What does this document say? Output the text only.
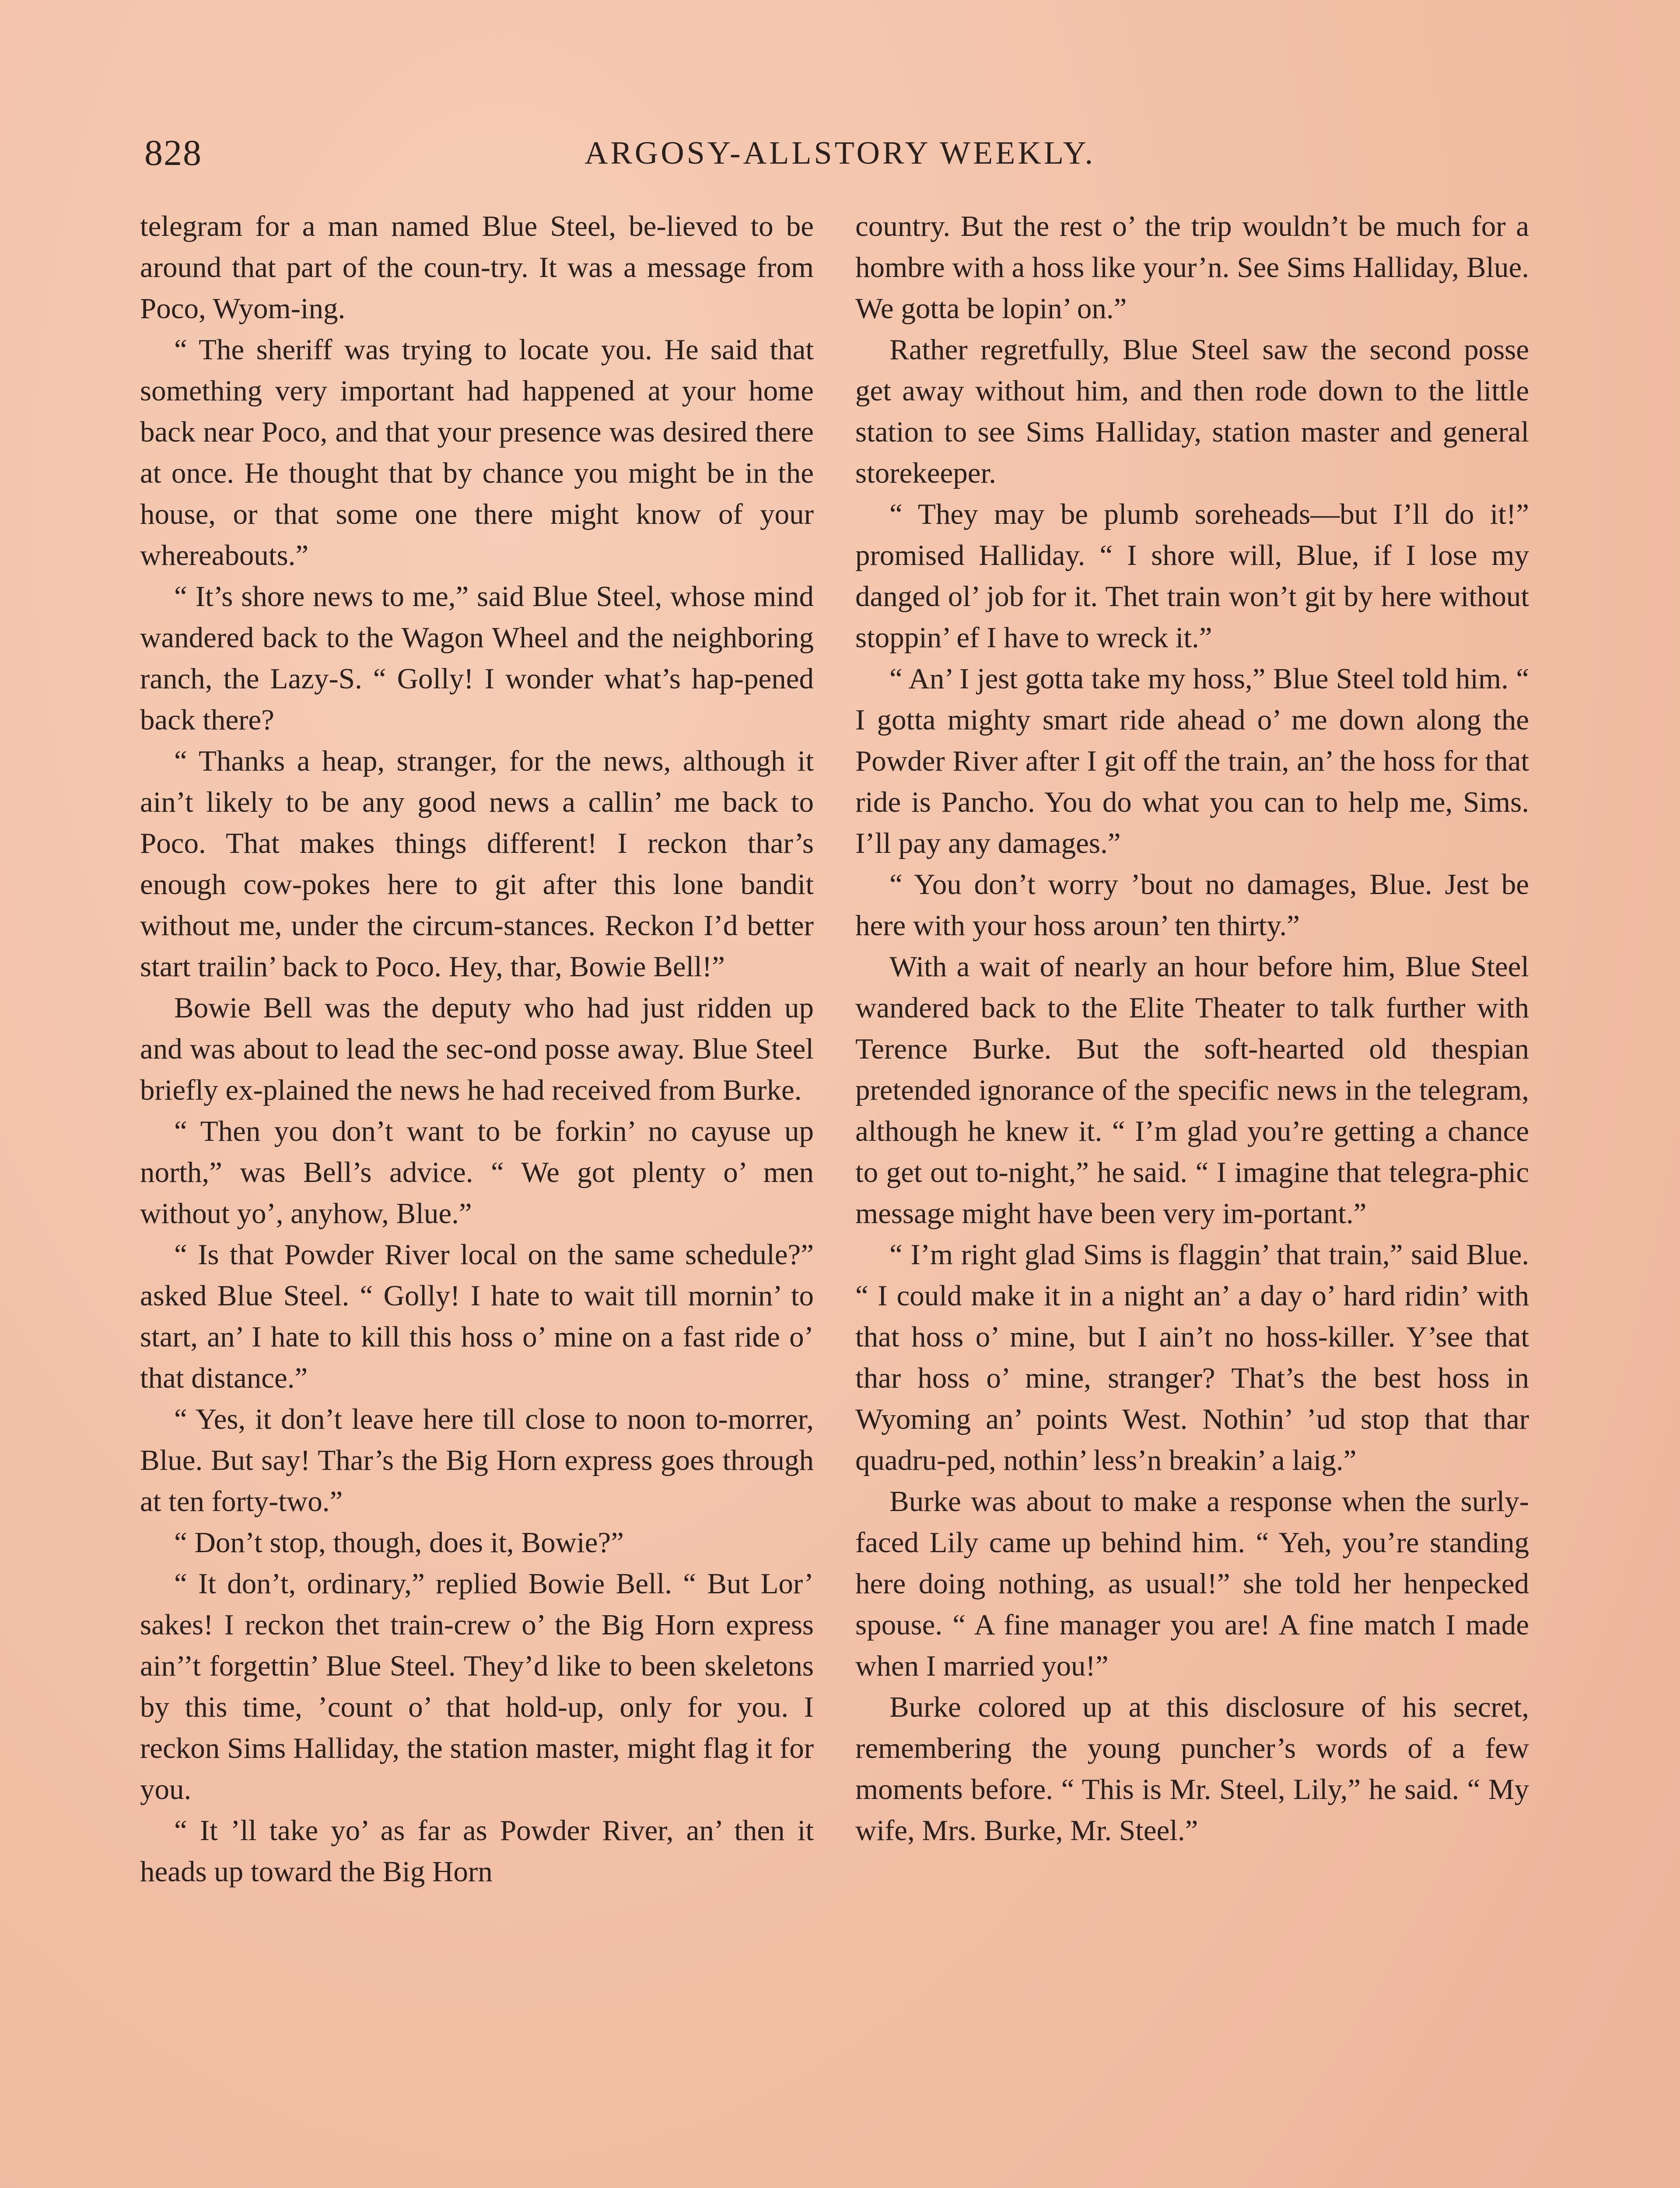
828	ARGOSY-ALLSTORY WEEKLY.

telegram for a man named Blue Steel, be-lieved to be around that part of the coun-try. It was a message from Poco, Wyom-ing.

“ The sheriff was trying to locate you. He said that something very important had happened at your home back near Poco, and that your presence was desired there at once. He thought that by chance you might be in the house, or that some one there might know of your whereabouts.”

“ It’s shore news to me,” said Blue Steel, whose mind wandered back to the Wagon Wheel and the neighboring ranch, the Lazy-S. “ Golly! I wonder what’s hap-pened back there?

“ Thanks a heap, stranger, for the news, although it ain’t likely to be any good news a callin’ me back to Poco. That makes things different! I reckon thar’s enough cow-pokes here to git after this lone bandit without me, under the circum-stances. Reckon I’d better start trailin’ back to Poco. Hey, thar, Bowie Bell!”

Bowie Bell was the deputy who had just ridden up and was about to lead the sec-ond posse away. Blue Steel briefly ex-plained the news he had received from Burke.

“ Then you don’t want to be forkin’ no cayuse up north,” was Bell’s advice. “ We got plenty o’ men without yo’, anyhow, Blue.”

“ Is that Powder River local on the same schedule?” asked Blue Steel. “ Golly! I hate to wait till mornin’ to start, an’ I hate to kill this hoss o’ mine on a fast ride o’ that distance.”

“ Yes, it don’t leave here till close to noon to-morrer, Blue. But say! Thar’s the Big Horn express goes through at ten forty-two.”

“ Don’t stop, though, does it, Bowie?”

“ It don’t, ordinary,” replied Bowie Bell. “ But Lor’ sakes! I reckon thet train-crew o’ the Big Horn express ain’’t forgettin’ Blue Steel. They’d like to been skeletons by this time, ’count o’ that hold-up, only for you. I reckon Sims Halliday, the station master, might flag it for you.

“ It ’ll take yo’ as far as Powder River, an’ then it heads up toward the Big Horn

country. But the rest o’ the trip wouldn’t be much for a hombre with a hoss like your’n. See Sims Halliday, Blue. We gotta be lopin’ on.”

Rather regretfully, Blue Steel saw the second posse get away without him, and then rode down to the little station to see Sims Halliday, station master and general storekeeper.

“ They may be plumb soreheads—but I’ll do it!” promised Halliday. “ I shore will, Blue, if I lose my danged ol’ job for it. Thet train won’t git by here without stoppin’ ef I have to wreck it.”

“ An’ I jest gotta take my hoss,” Blue Steel told him. “ I gotta mighty smart ride ahead o’ me down along the Powder River after I git off the train, an’ the hoss for that ride is Pancho. You do what you can to help me, Sims. I’ll pay any damages.”

“ You don’t worry ’bout no damages, Blue. Jest be here with your hoss aroun’ ten thirty.”

With a wait of nearly an hour before him, Blue Steel wandered back to the Elite Theater to talk further with Terence Burke. But the soft-hearted old thespian pretended ignorance of the specific news in the telegram, although he knew it. “ I’m glad you’re getting a chance to get out to-night,” he said. “ I imagine that telegra-phic message might have been very im-portant.”

“ I’m right glad Sims is flaggin’ that train,” said Blue. “ I could make it in a night an’ a day o’ hard ridin’ with that hoss o’ mine, but I ain’t no hoss-killer. Y’see that thar hoss o’ mine, stranger? That’s the best hoss in Wyoming an’ points West. Nothin’ ’ud stop that thar quadru-ped, nothin’ less’n breakin’ a laig.”

Burke was about to make a response when the surly-faced Lily came up behind him. “ Yeh, you’re standing here doing nothing, as usual!” she told her henpecked spouse. “ A fine manager you are! A fine match I made when I married you!”

Burke colored up at this disclosure of his secret, remembering the young puncher’s words of a few moments before. “ This is Mr. Steel, Lily,” he said. “ My wife, Mrs. Burke, Mr. Steel.”
